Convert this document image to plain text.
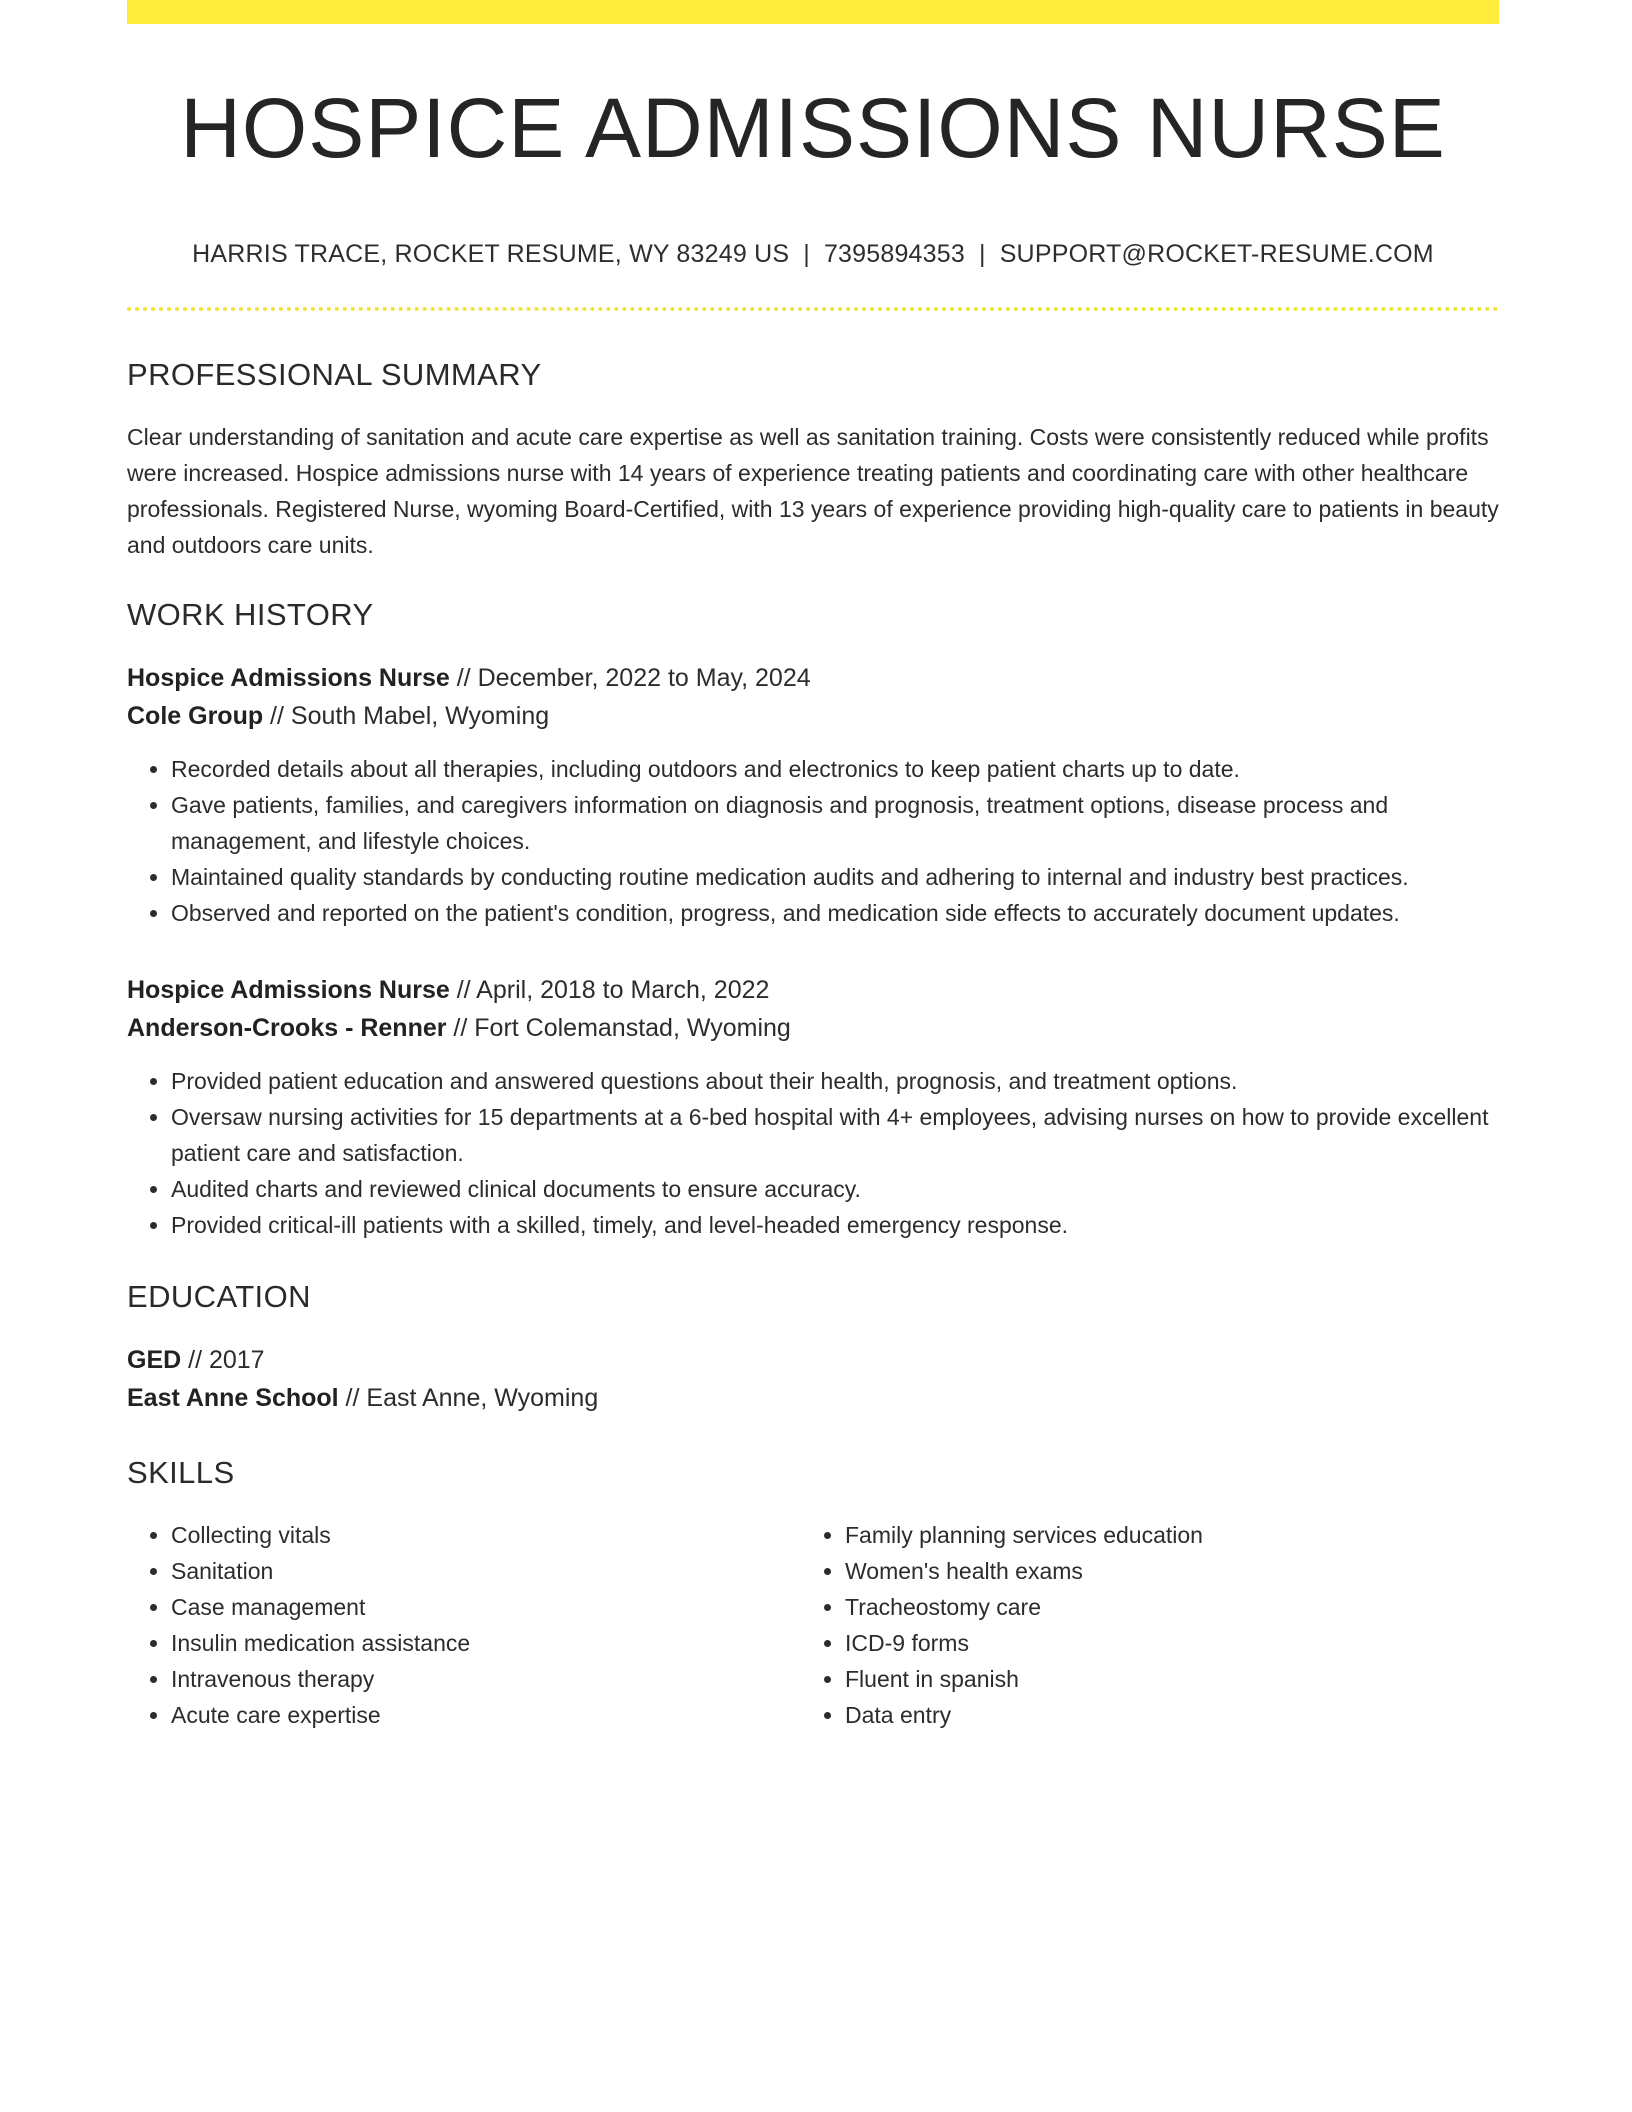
HOSPICE ADMISSIONS NURSE
HARRIS TRACE, ROCKET RESUME, WY 83249 US | 7395894353 | SUPPORT@ROCKET-RESUME.COM
PROFESSIONAL SUMMARY
Clear understanding of sanitation and acute care expertise as well as sanitation training. Costs were consistently reduced while profits were increased. Hospice admissions nurse with 14 years of experience treating patients and coordinating care with other healthcare professionals. Registered Nurse, wyoming Board-Certified, with 13 years of experience providing high-quality care to patients in beauty and outdoors care units.
WORK HISTORY
Hospice Admissions Nurse // December, 2022 to May, 2024
Cole Group // South Mabel, Wyoming
• Recorded details about all therapies, including outdoors and electronics to keep patient charts up to date.
• Gave patients, families, and caregivers information on diagnosis and prognosis, treatment options, disease process and management, and lifestyle choices.
• Maintained quality standards by conducting routine medication audits and adhering to internal and industry best practices.
• Observed and reported on the patient's condition, progress, and medication side effects to accurately document updates.
Hospice Admissions Nurse // April, 2018 to March, 2022
Anderson-Crooks - Renner // Fort Colemanstad, Wyoming
• Provided patient education and answered questions about their health, prognosis, and treatment options.
• Oversaw nursing activities for 15 departments at a 6-bed hospital with 4+ employees, advising nurses on how to provide excellent patient care and satisfaction.
• Audited charts and reviewed clinical documents to ensure accuracy.
• Provided critical-ill patients with a skilled, timely, and level-headed emergency response.
EDUCATION
GED // 2017
East Anne School // East Anne, Wyoming
SKILLS
• Collecting vitals
• Sanitation
• Case management
• Insulin medication assistance
• Intravenous therapy
• Acute care expertise
• Family planning services education
• Women's health exams
• Tracheostomy care
• ICD-9 forms
• Fluent in spanish
• Data entry
